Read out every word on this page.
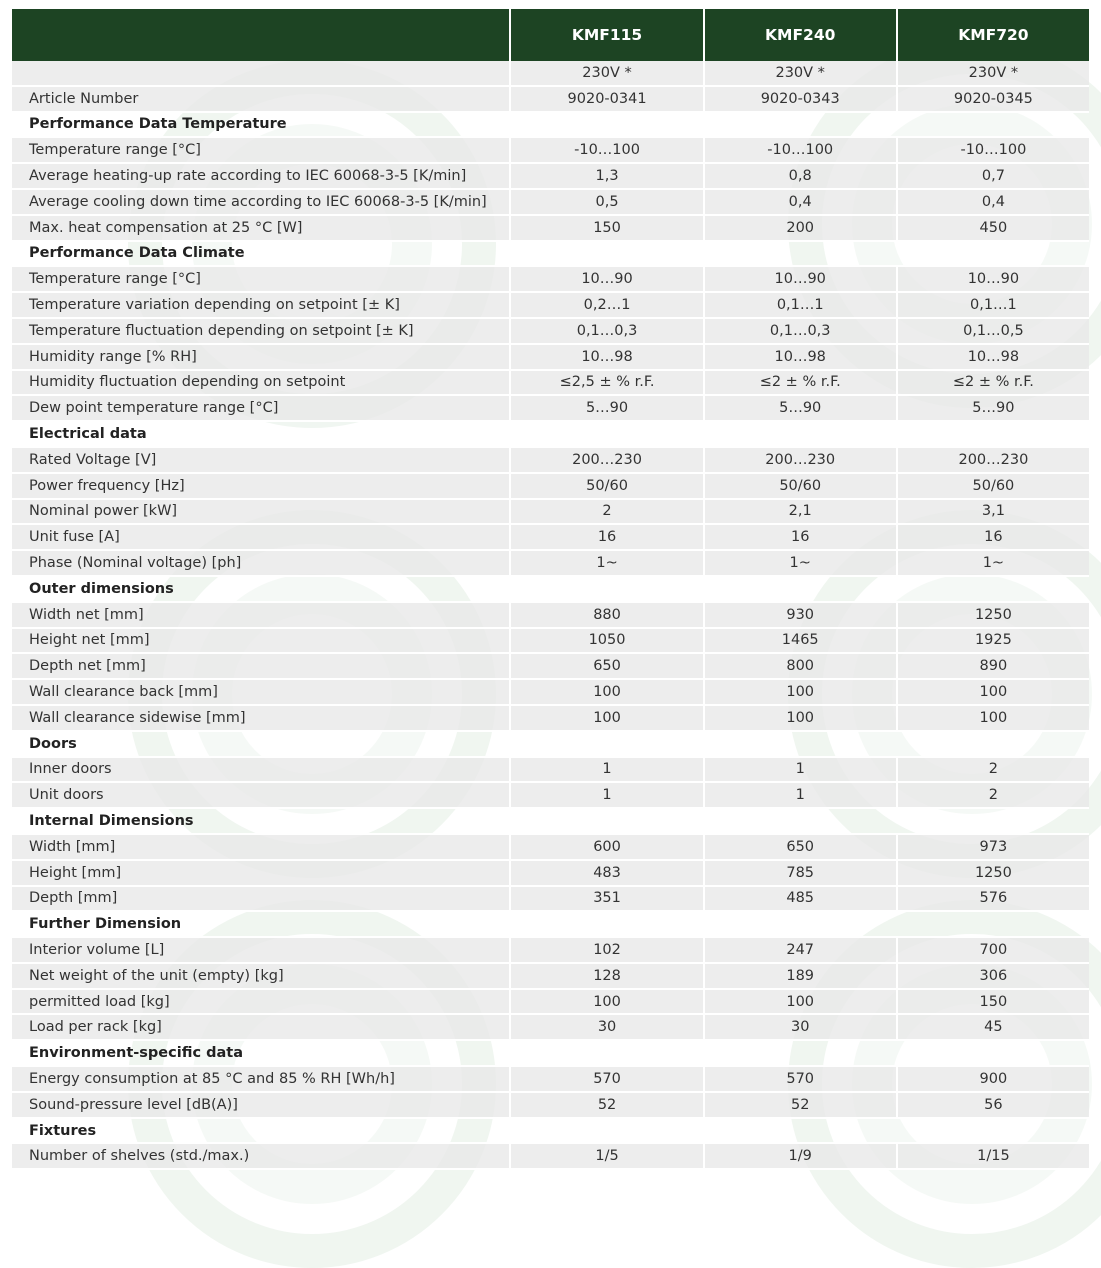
	KMF115	KMF240	KMF720
	230V *	230V *	230V *
Article Number	9020-0341	9020-0343	9020-0345
Performance Data Temperature			
Temperature range [°C]	-10…100	-10…100	-10…100
Average heating-up rate according to IEC 60068-3-5 [K/min]	1,3	0,8	0,7
Average cooling down time according to IEC 60068-3-5 [K/min]	0,5	0,4	0,4
Max. heat compensation at 25 °C [W]	150	200	450
Performance Data Climate			
Temperature range [°C]	10…90	10…90	10…90
Temperature variation depending on setpoint [± K]	0,2…1	0,1…1	0,1…1
Temperature fluctuation depending on setpoint [± K]	0,1…0,3	0,1…0,3	0,1…0,5
Humidity range [% RH]	10…98	10…98	10…98
Humidity fluctuation depending on setpoint	≤2,5 ± % r.F.	≤2 ± % r.F.	≤2 ± % r.F.
Dew point temperature range [°C]	5…90	5…90	5…90
Electrical data			
Rated Voltage [V]	200…230	200…230	200…230
Power frequency [Hz]	50/60	50/60	50/60
Nominal power [kW]	2	2,1	3,1
Unit fuse [A]	16	16	16
Phase (Nominal voltage) [ph]	1~	1~	1~
Outer dimensions			
Width net [mm]	880	930	1250
Height net [mm]	1050	1465	1925
Depth net [mm]	650	800	890
Wall clearance back [mm]	100	100	100
Wall clearance sidewise [mm]	100	100	100
Doors			
Inner doors	1	1	2
Unit doors	1	1	2
Internal Dimensions			
Width [mm]	600	650	973
Height [mm]	483	785	1250
Depth [mm]	351	485	576
Further Dimension			
Interior volume [L]	102	247	700
Net weight of the unit (empty) [kg]	128	189	306
permitted load [kg]	100	100	150
Load per rack [kg]	30	30	45
Environment-specific data			
Energy consumption at 85 °C and 85 % RH [Wh/h]	570	570	900
Sound-pressure level [dB(A)]	52	52	56
Fixtures			
Number of shelves (std./max.)	1/5	1/9	1/15
